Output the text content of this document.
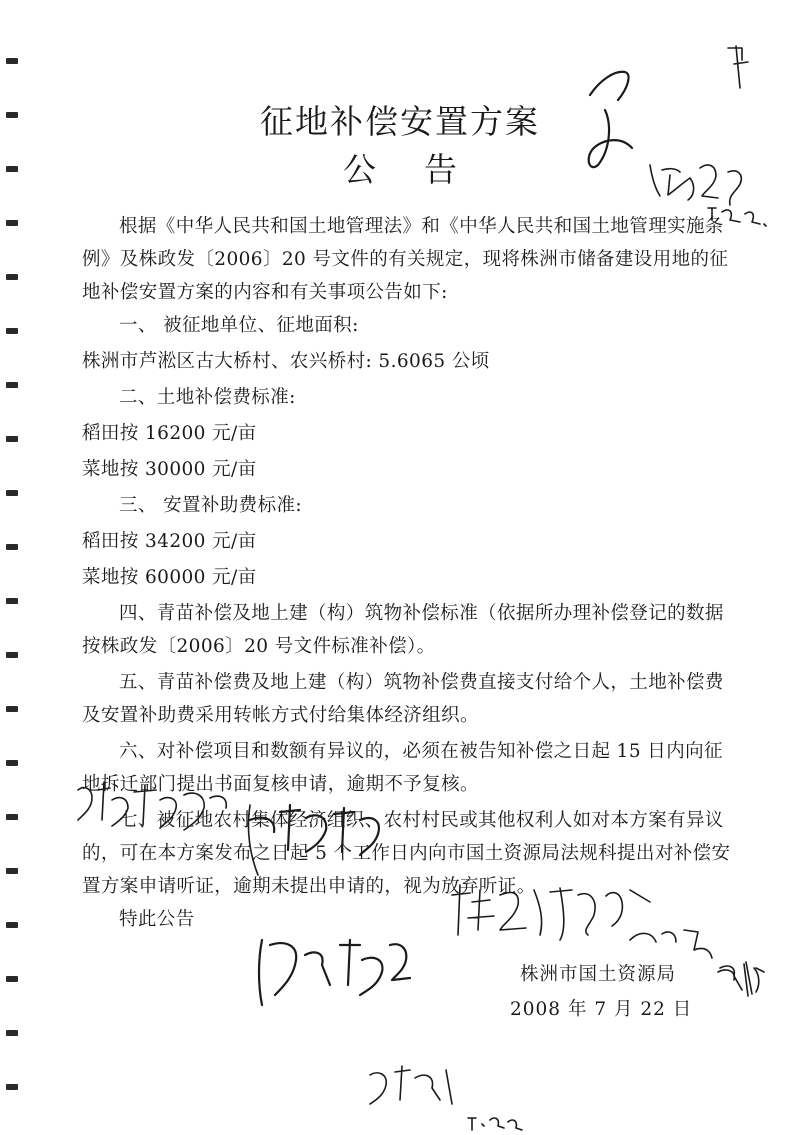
征地补偿安置方案
公告

根据《中华人民共和国土地管理法》和《中华人民共和国土地管理实施条例》及株政发〔2006〕20 号文件的有关规定，现将株洲市储备建设用地的征地补偿安置方案的内容和有关事项公告如下:

一、 被征地单位、征地面积:

株洲市芦淞区古大桥村、农兴桥村: 5.6065 公顷

二、土地补偿费标准:

稻田按 16200 元/亩

菜地按 30000 元/亩

三、 安置补助费标准:

稻田按 34200 元/亩

菜地按 60000 元/亩

四、青苗补偿及地上建（构）筑物补偿标准（依据所办理补偿登记的数据按株政发〔2006〕20 号文件标准补偿）。

五、青苗补偿费及地上建（构）筑物补偿费直接支付给个人，土地补偿费及安置补助费采用转帐方式付给集体经济组织。

六、对补偿项目和数额有异议的，必须在被告知补偿之日起 15 日内向征地拆迁部门提出书面复核申请，逾期不予复核。

七、被征地农村集体经济组织、农村村民或其他权利人如对本方案有异议的，可在本方案发布之日起 5 个工作日内向市国土资源局法规科提出对补偿安置方案申请听证，逾期未提出申请的，视为放弃听证。

特此公告

株洲市国土资源局
2008 年 7 月 22 日
